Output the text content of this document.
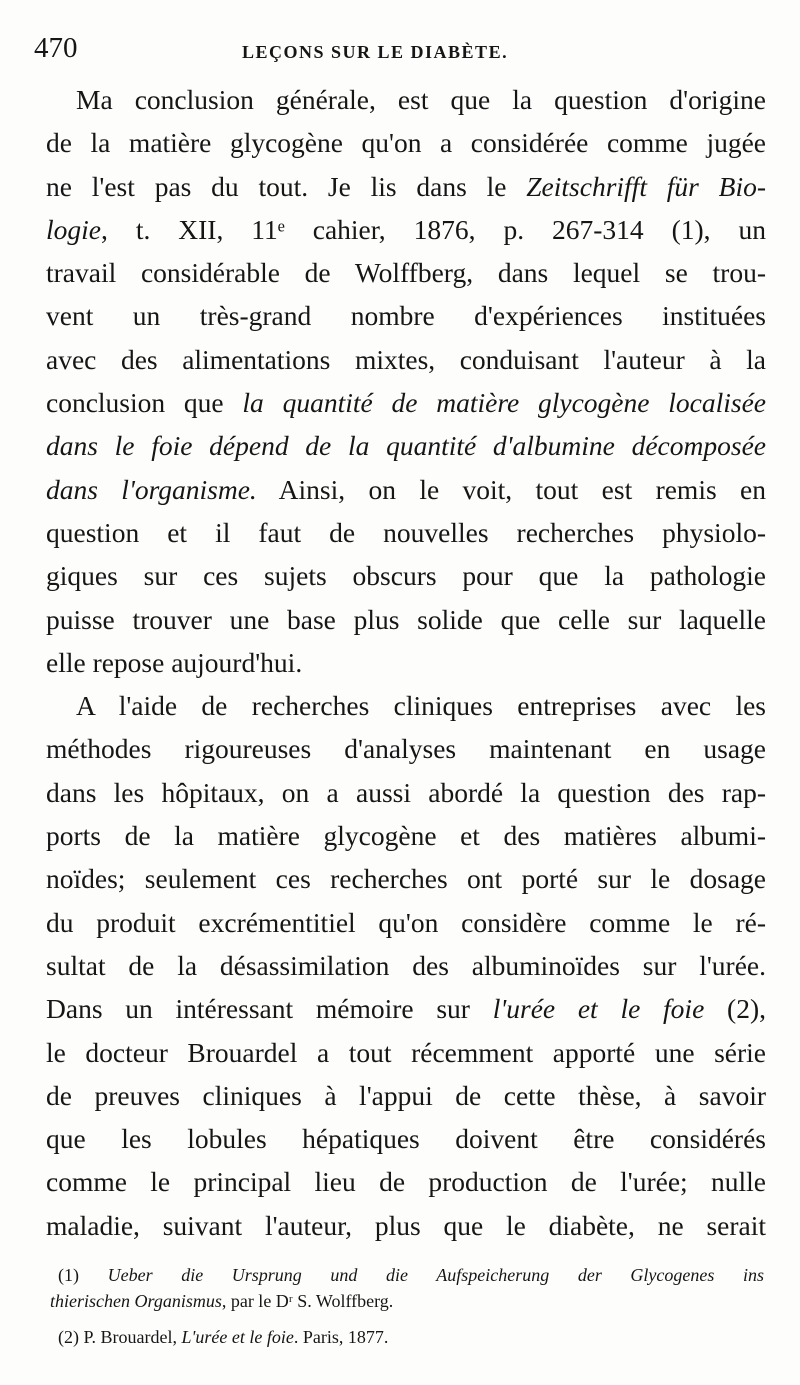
470	LEÇONS SUR LE DIABÈTE.
Ma conclusion générale, est que la question d'origine
de la matière glycogène qu'on a considérée comme jugée
ne l'est pas du tout. Je lis dans le Zeitschrifft für Bio-
logie, t. XII, 11ᵉ cahier, 1876, p. 267-314 (1), un
travail considérable de Wolffberg, dans lequel se trou-
vent un très-grand nombre d'expériences instituées
avec des alimentations mixtes, conduisant l'auteur à la
conclusion que la quantité de matière glycogène localisée
dans le foie dépend de la quantité d'albumine décomposée
dans l'organisme. Ainsi, on le voit, tout est remis en
question et il faut de nouvelles recherches physiolo-
giques sur ces sujets obscurs pour que la pathologie
puisse trouver une base plus solide que celle sur laquelle
elle repose aujourd'hui.
A l'aide de recherches cliniques entreprises avec les
méthodes rigoureuses d'analyses maintenant en usage
dans les hôpitaux, on a aussi abordé la question des rap-
ports de la matière glycogène et des matières albumi-
noïdes; seulement ces recherches ont porté sur le dosage
du produit excrémentitiel qu'on considère comme le ré-
sultat de la désassimilation des albuminoïdes sur l'urée.
Dans un intéressant mémoire sur l'urée et le foie (2),
le docteur Brouardel a tout récemment apporté une série
de preuves cliniques à l'appui de cette thèse, à savoir
que les lobules hépatiques doivent être considérés
comme le principal lieu de production de l'urée; nulle
maladie, suivant l'auteur, plus que le diabète, ne serait
(1) Ueber die Ursprung und die Aufspeicherung der Glycogenes ins
thierischen Organismus, par le Dʳ S. Wolffberg.
(2) P. Brouardel, L'urée et le foie. Paris, 1877.
